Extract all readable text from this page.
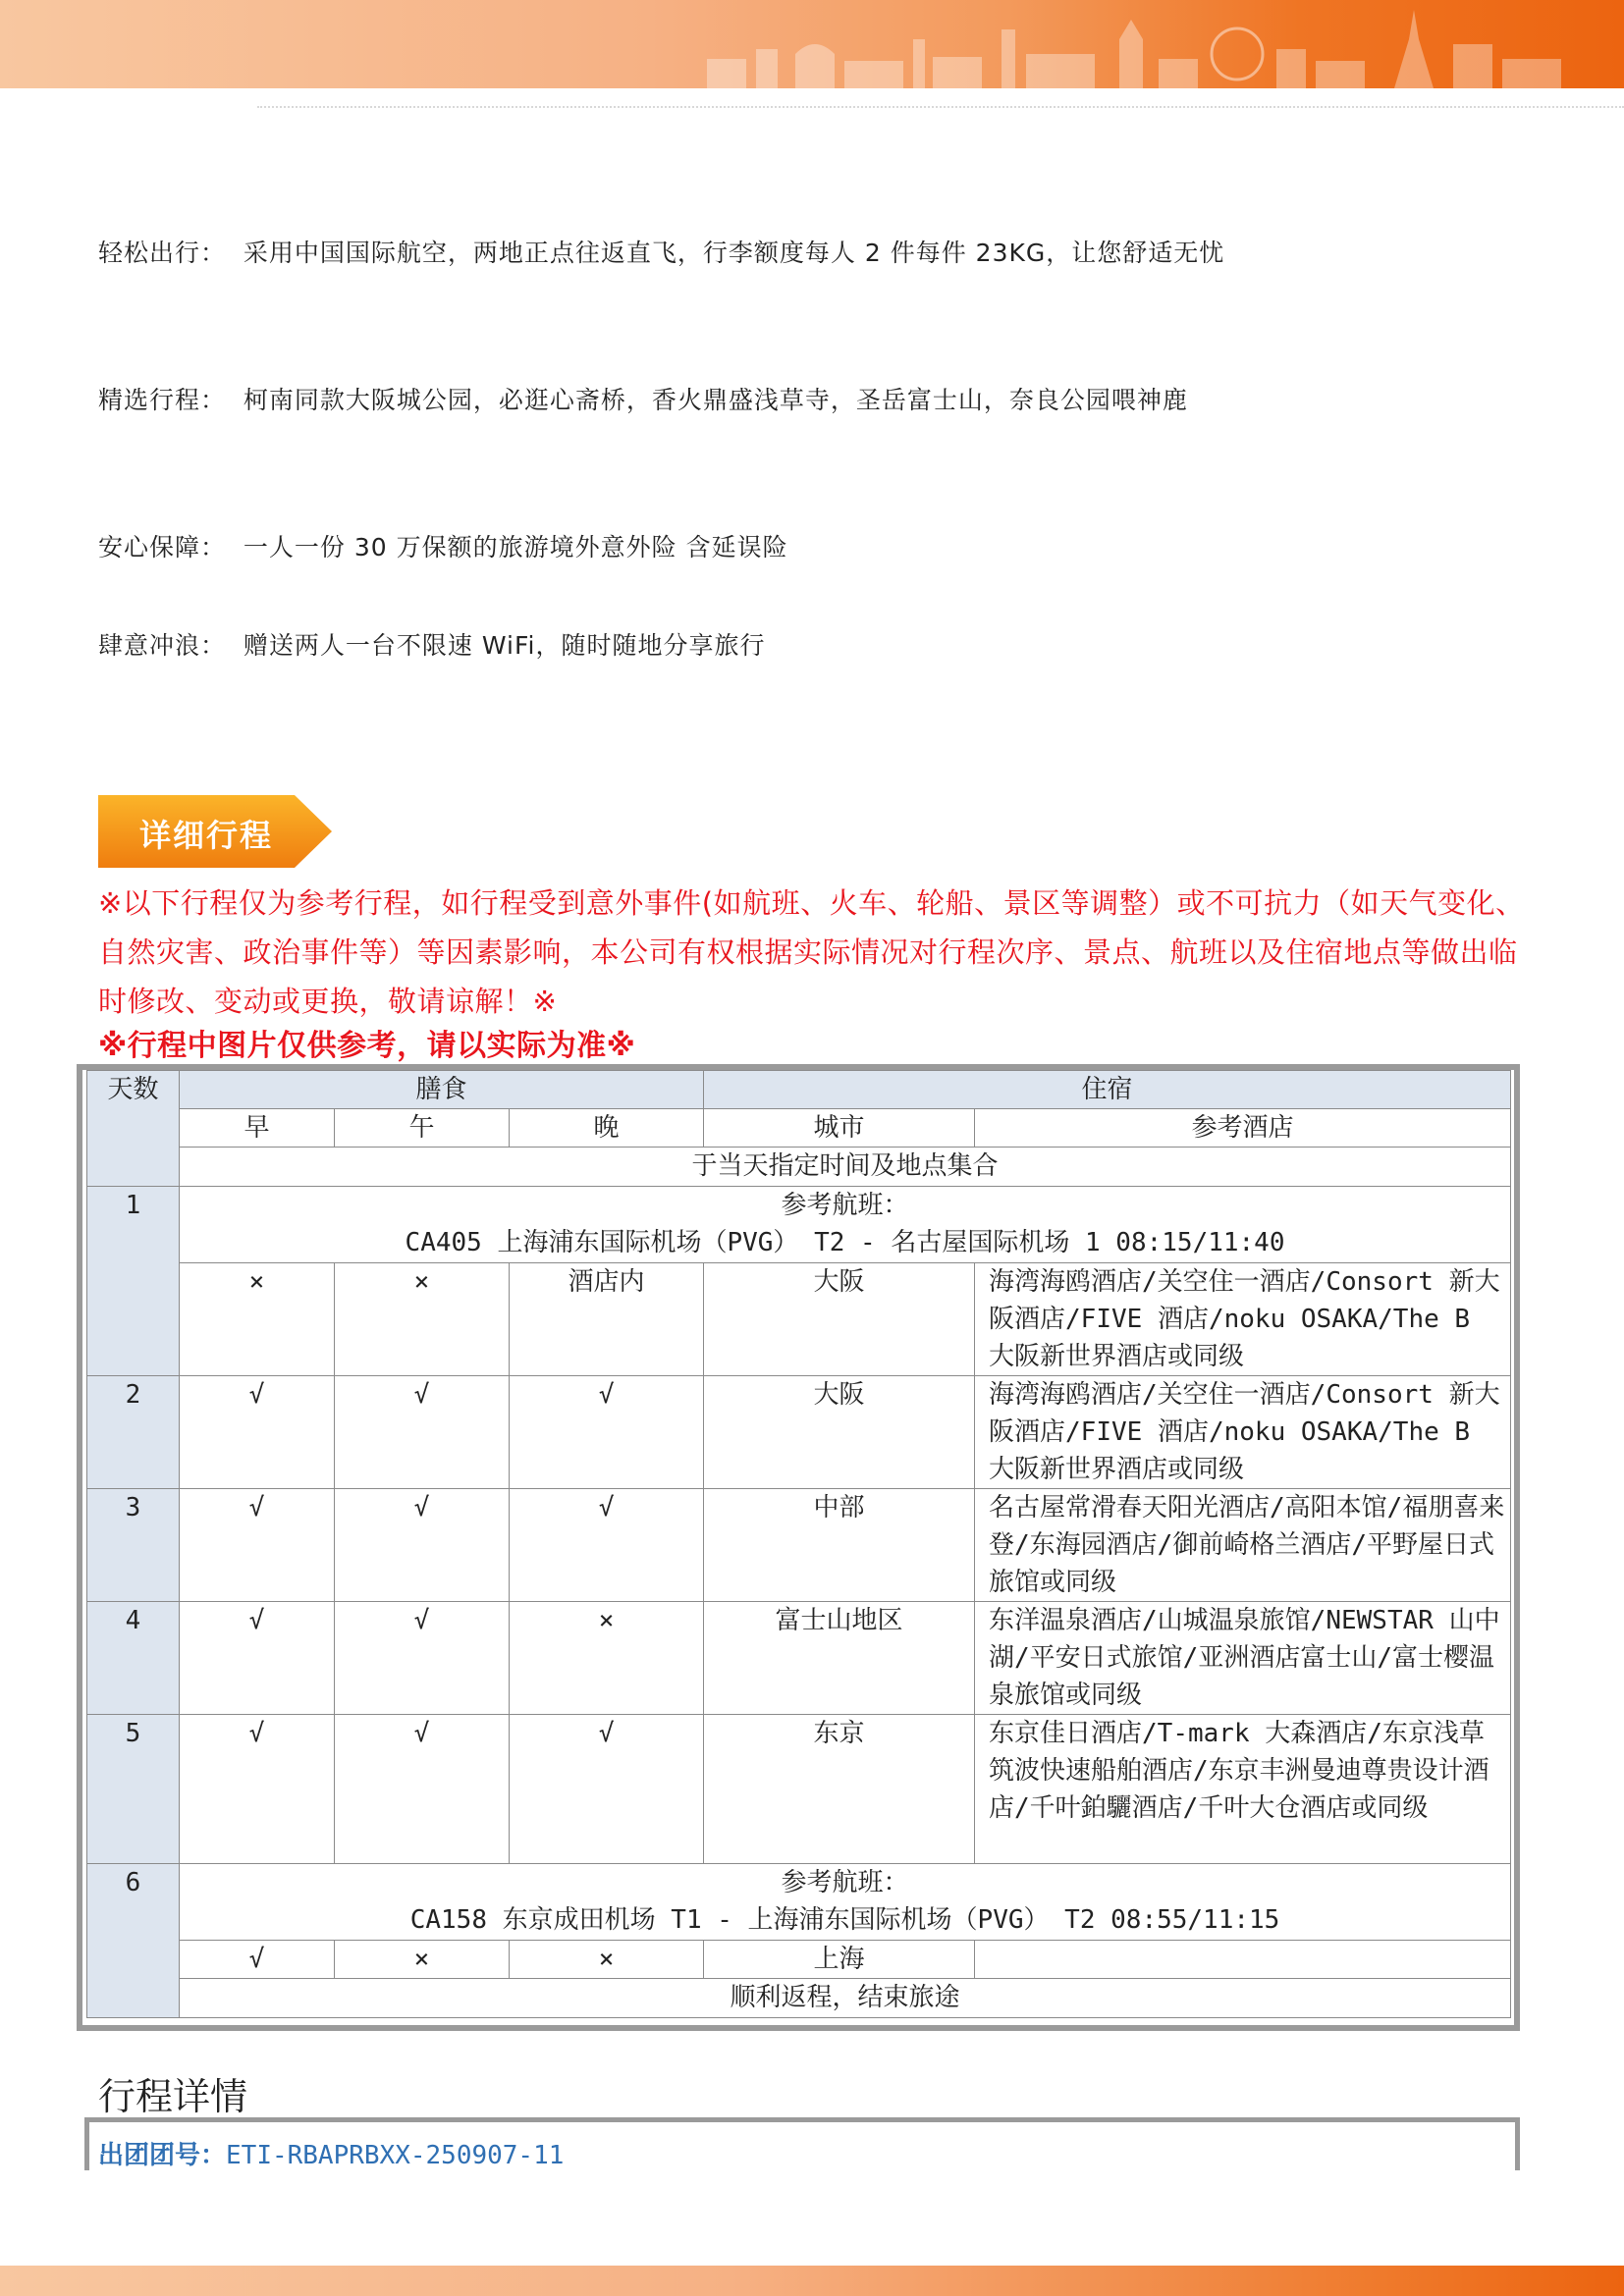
轻松出行： 采用中国国际航空，两地正点往返直飞，行李额度每人 2 件每件 23KG，让您舒适无忧
精选行程： 柯南同款大阪城公园，必逛心斋桥，香火鼎盛浅草寺，圣岳富士山，奈良公园喂神鹿
安心保障： 一人一份 30 万保额的旅游境外意外险 含延误险
肆意冲浪： 赠送两人一台不限速 WiFi，随时随地分享旅行
详细行程
※以下行程仅为参考行程，如行程受到意外事件(如航班、火车、轮船、景区等调整）或不可抗力（如天气变化、自然灾害、政治事件等）等因素影响，本公司有权根据实际情况对行程次序、景点、航班以及住宿地点等做出临时修改、变动或更换，敬请谅解！※
※行程中图片仅供参考，请以实际为准※
天数	膳食			住宿	
	早	午	晚	城市	参考酒店
	于当天指定时间及地点集合				
1	参考航班：
CA405 上海浦东国际机场（PVG） T2 - 名古屋国际机场 1 08:15/11:40				

	×	×	酒店内	大阪	海湾海鸥酒店/关空住一酒店/Consort 新大阪酒店/FIVE 酒店/noku OSAKA/The B 大阪新世界酒店或同级
2	√	√	√	大阪	海湾海鸥酒店/关空住一酒店/Consort 新大阪酒店/FIVE 酒店/noku OSAKA/The B 大阪新世界酒店或同级
3	√	√	√	中部	名古屋常滑春天阳光酒店/高阳本馆/福朋喜来登/东海园酒店/御前崎格兰酒店/平野屋日式旅馆或同级
4	√	√	×	富士山地区	东洋温泉酒店/山城温泉旅馆/NEWSTAR 山中湖/平安日式旅馆/亚洲酒店富士山/富士樱温泉旅馆或同级
5	√	√	√	东京	东京佳日酒店/T-mark 大森酒店/东京浅草筑波快速船舶酒店/东京丰洲曼迪尊贵设计酒店/千叶鉑驪酒店/千叶大仓酒店或同级
6	参考航班：
CA158 东京成田机场 T1 - 上海浦东国际机场（PVG） T2 08:55/11:15				

	√	×	×	上海	
	顺利返程，结束旅途				
行程详情
出团团号：ETI-RBAPRBXX-250907-11
